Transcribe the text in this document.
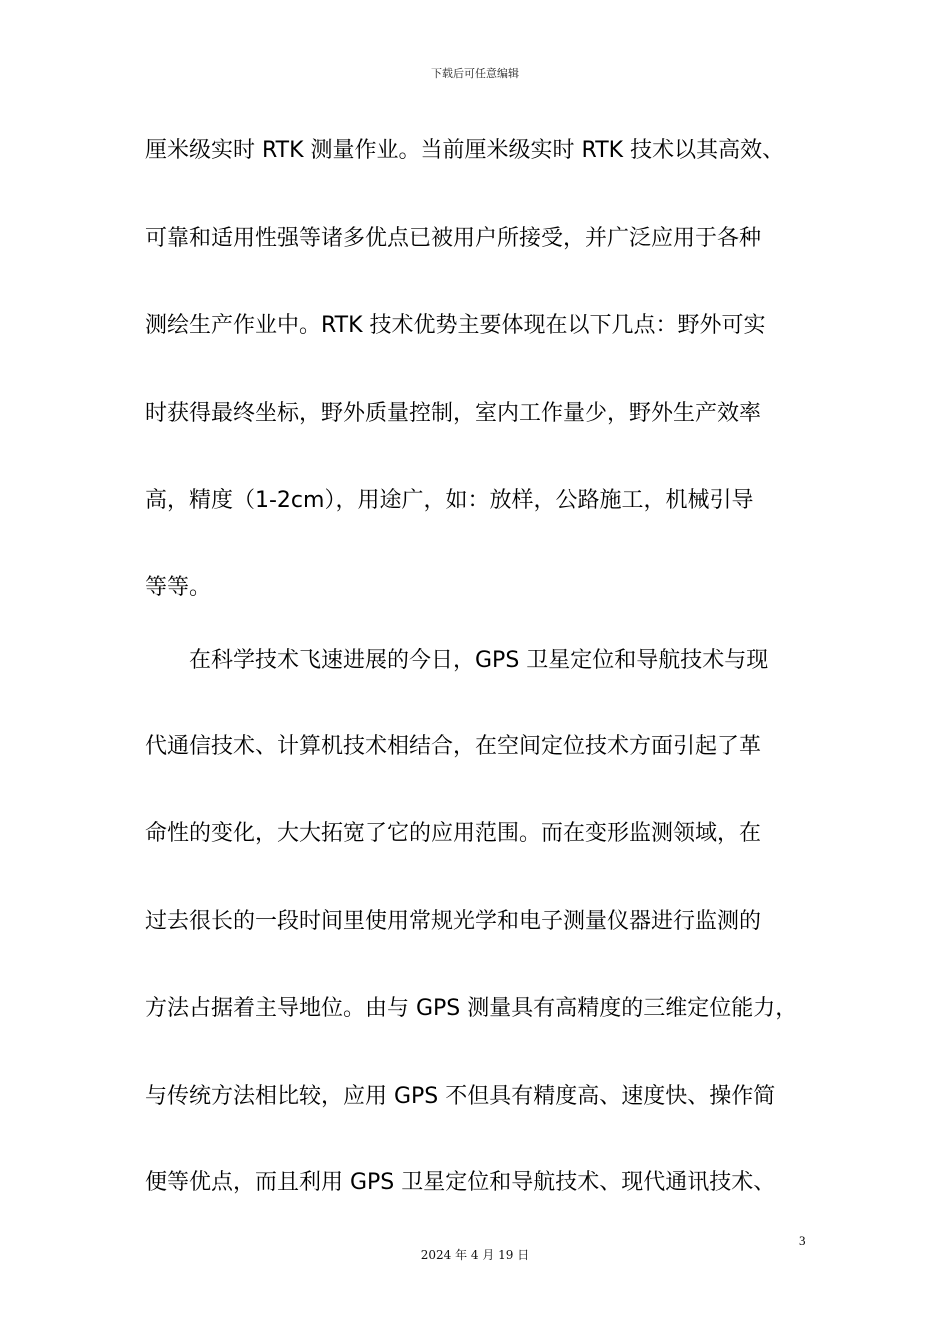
下载后可任意编辑
厘米级实时 RTK 测量作业。当前厘米级实时 RTK 技术以其高效、
可靠和适用性强等诸多优点已被用户所接受，并广泛应用于各种
测绘生产作业中。RTK 技术优势主要体现在以下几点：野外可实
时获得最终坐标，野外质量控制，室内工作量少，野外生产效率
高，精度（1-2cm），用途广，如：放样，公路施工，机械引导
等等。
　　在科学技术飞速进展的今日，GPS 卫星定位和导航技术与现
代通信技术、计算机技术相结合，在空间定位技术方面引起了革
命性的变化，大大拓宽了它的应用范围。而在变形监测领域，在
过去很长的一段时间里使用常规光学和电子测量仪器进行监测的
方法占据着主导地位。由与 GPS 测量具有高精度的三维定位能力，
与传统方法相比较，应用 GPS 不但具有精度高、速度快、操作简
便等优点，而且利用 GPS 卫星定位和导航技术、现代通讯技术、
3
2024 年 4 月 19 日
